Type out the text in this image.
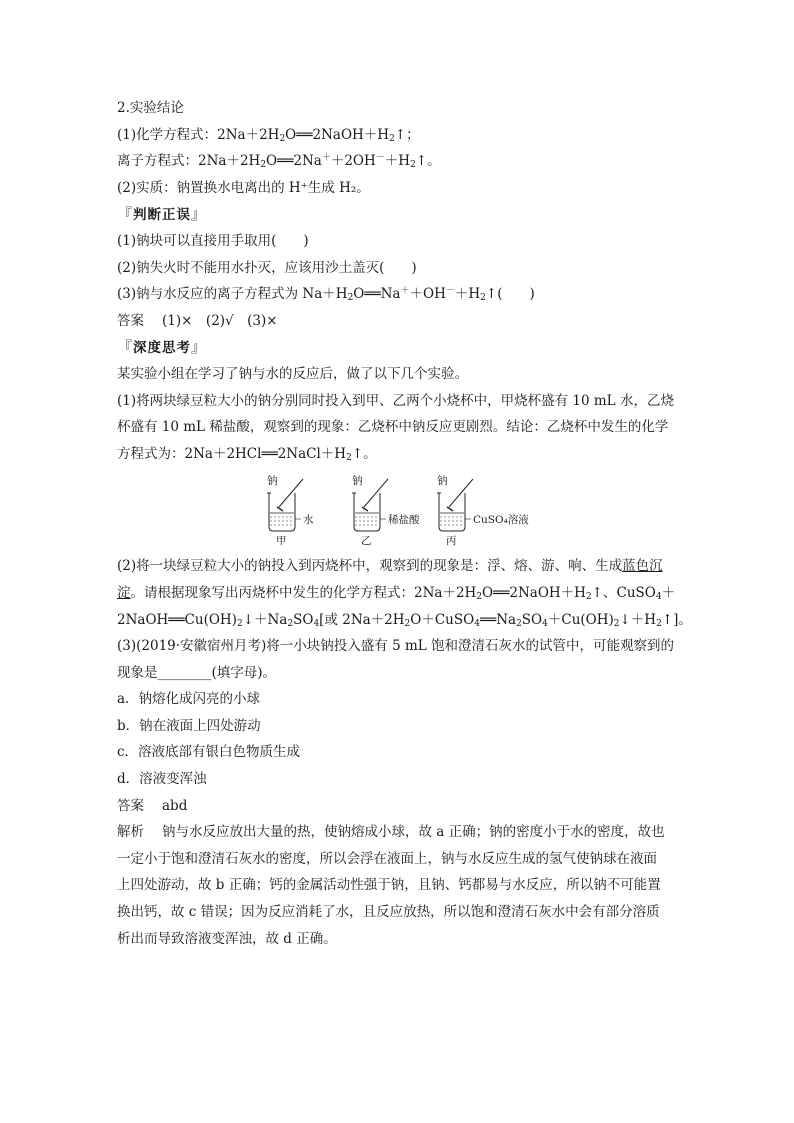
2.实验结论
(1)化学方程式：$2Na+2H_2O══2NaOH+H_2↑$；
离子方程式：$2Na+2H_2O══2Na^++2OH^-+H_2↑$。
(2)实质：钠置换水电离出的 H⁺生成 H₂。
『判断正误』
(1)钠块可以直接用手取用(　　)
(2)钠失火时不能用水扑灭，应该用沙土盖灭(　　)
(3)钠与水反应的离子方程式为 $Na+H_2O══Na^++OH^-+H_2↑$(　　)
答案 (1)×　(2)√　(3)×
『深度思考』
某实验小组在学习了钠与水的反应后，做了以下几个实验。
(1)将两块绿豆粒大小的钠分别同时投入到甲、乙两个小烧杯中，甲烧杯盛有 10 mL 水，乙烧
杯盛有 10 mL 稀盐酸，观察到的现象：乙烧杯中钠反应更剧烈。结论：乙烧杯中发生的化学
方程式为：$2Na+2HCl══2NaCl+H_2↑$。
钠	钠	钠
水	稀盐酸	CuSO₄溶液
甲	乙	丙
(2)将一块绿豆粒大小的钠投入到丙烧杯中，观察到的现象是：浮、熔、游、响、生成蓝色沉
淀。请根据现象写出丙烧杯中发生的化学方程式：$2Na+2H_2O══2NaOH+H_2↑$、CuSO$_4$＋
$2NaOH══Cu(OH)_2↓+Na_2SO_4$[或 $2Na+2H_2O+CuSO_4══Na_2SO_4+Cu(OH)_2↓+H_2↑$]。
(3)(2019·安徽宿州月考)将一小块钠投入盛有 5 mL 饱和澄清石灰水的试管中，可能观察到的
现象是________(填字母)。
a．钠熔化成闪亮的小球
b．钠在液面上四处游动
c．溶液底部有银白色物质生成
d．溶液变浑浊
答案 abd
解析 钠与水反应放出大量的热，使钠熔成小球，故 a 正确；钠的密度小于水的密度，故也
一定小于饱和澄清石灰水的密度，所以会浮在液面上，钠与水反应生成的氢气使钠球在液面
上四处游动，故 b 正确；钙的金属活动性强于钠，且钠、钙都易与水反应，所以钠不可能置
换出钙，故 c 错误；因为反应消耗了水，且反应放热，所以饱和澄清石灰水中会有部分溶质
析出而导致溶液变浑浊，故 d 正确。
